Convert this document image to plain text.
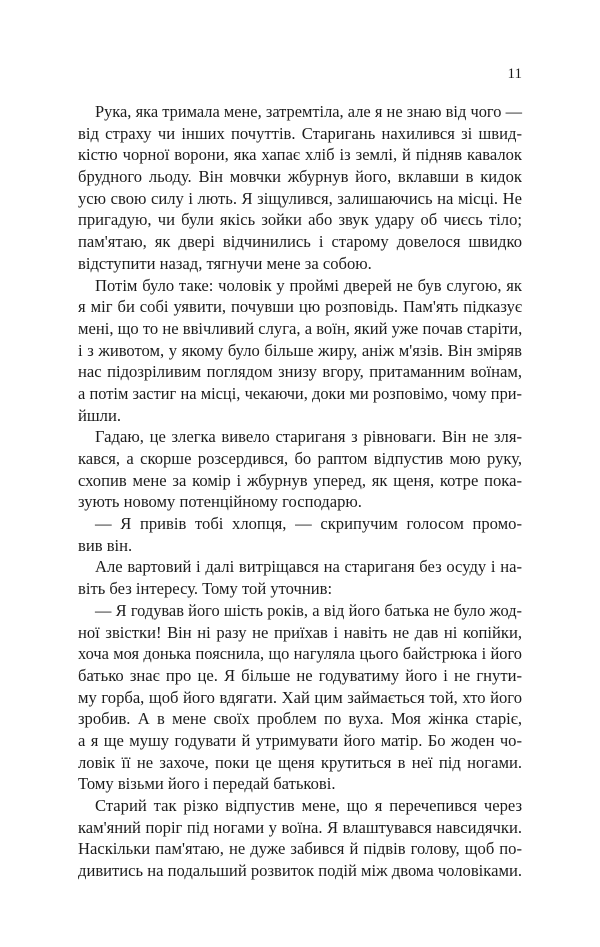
11
Рука, яка тримала мене, затремтіла, але я не знаю від чого —
від страху чи інших почуттів. Старигань нахилився зі швид-
кістю чорної ворони, яка хапає хліб із землі, й підняв кавалок
брудного льоду. Він мовчки жбурнув його, вклавши в кидок
усю свою силу і лють. Я зіщулився, залишаючись на місці. Не
пригадую, чи були якісь зойки або звук удару об чиєсь тіло;
пам'ятаю, як двері відчинились і старому довелося швидко
відступити назад, тягнучи мене за собою.
Потім було таке: чоловік у проймі дверей не був слугою, як
я міг би собі уявити, почувши цю розповідь. Пам'ять підказує
мені, що то не ввічливий слуга, а воїн, який уже почав старіти,
і з животом, у якому було більше жиру, аніж м'язів. Він зміряв
нас підозріливим поглядом знизу вгору, притаманним воїнам,
а потім застиг на місці, чекаючи, доки ми розповімо, чому при-
йшли.
Гадаю, це злегка вивело стариганя з рівноваги. Він не зля-
кався, а скорше розсердився, бо раптом відпустив мою руку,
схопив мене за комір і жбурнув уперед, як щеня, котре пока-
зують новому потенційному господарю.
— Я привів тобі хлопця, — скрипучим голосом промо-
вив він.
Але вартовий і далі витріщався на стариганя без осуду і на-
віть без інтересу. Тому той уточнив:
— Я годував його шість років, а від його батька не було жод-
ної звістки! Він ні разу не приїхав і навіть не дав ні копійки,
хоча моя донька пояснила, що нагуляла цього байстрюка і його
батько знає про це. Я більше не годуватиму його і не гнути-
му горба, щоб його вдягати. Хай цим займається той, хто його
зробив. А в мене своїх проблем по вуха. Моя жінка старіє,
а я ще мушу годувати й утримувати його матір. Бо жоден чо-
ловік її не захоче, поки це щеня крутиться в неї під ногами.
Тому візьми його і передай батькові.
Старий так різко відпустив мене, що я перечепився через
кам'яний поріг під ногами у воїна. Я влаштувався навсидячки.
Наскільки пам'ятаю, не дуже забився й підвів голову, щоб по-
дивитись на подальший розвиток подій між двома чоловіками.
